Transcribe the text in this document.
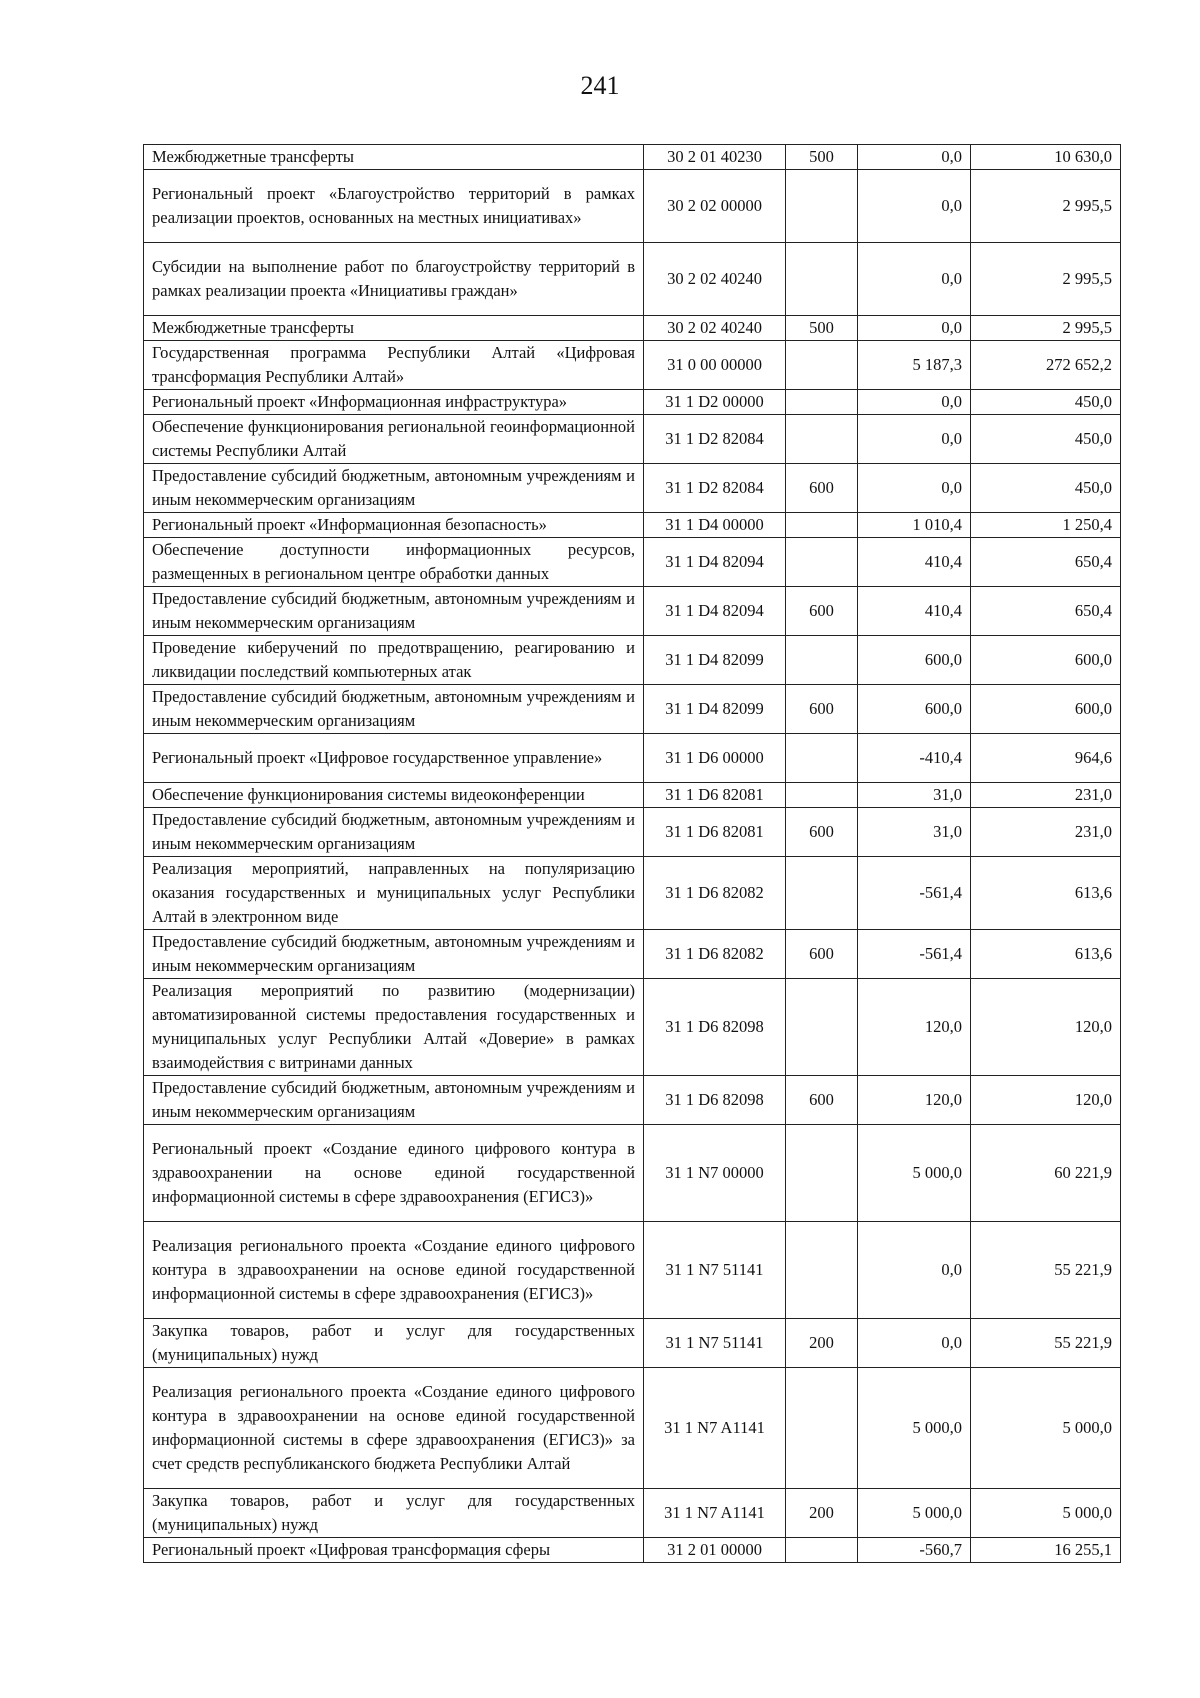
241
Межбюджетные трансферты	30 2 01 40230	500	0,0	10 630,0
Региональный проект «Благоустройство территорий в рамках реализации проектов, основанных на местных инициативах»	30 2 02 00000		0,0	2 995,5
Субсидии на выполнение работ по благоустройству территорий в рамках реализации проекта «Инициативы граждан»	30 2 02 40240		0,0	2 995,5
Межбюджетные трансферты	30 2 02 40240	500	0,0	2 995,5
Государственная программа Республики Алтай «Цифровая трансформация Республики Алтай»	31 0 00 00000		5 187,3	272 652,2
Региональный проект «Информационная инфраструктура»	31 1 D2 00000		0,0	450,0
Обеспечение функционирования региональной геоинформационной системы Республики Алтай	31 1 D2 82084		0,0	450,0
Предоставление субсидий бюджетным, автономным учреждениям и иным некоммерческим организациям	31 1 D2 82084	600	0,0	450,0
Региональный проект «Информационная безопасность»	31 1 D4 00000		1 010,4	1 250,4
Обеспечение доступности информационных ресурсов, размещенных в региональном центре обработки данных	31 1 D4 82094		410,4	650,4
Предоставление субсидий бюджетным, автономным учреждениям и иным некоммерческим организациям	31 1 D4 82094	600	410,4	650,4
Проведение киберучений по предотвращению, реагированию и ликвидации последствий компьютерных атак	31 1 D4 82099		600,0	600,0
Предоставление субсидий бюджетным, автономным учреждениям и иным некоммерческим организациям	31 1 D4 82099	600	600,0	600,0
Региональный проект «Цифровое государственное управление»	31 1 D6 00000		-410,4	964,6
Обеспечение функционирования системы видеоконференции	31 1 D6 82081		31,0	231,0
Предоставление субсидий бюджетным, автономным учреждениям и иным некоммерческим организациям	31 1 D6 82081	600	31,0	231,0
Реализация мероприятий, направленных на популяризацию оказания государственных и муниципальных услуг Республики Алтай в электронном виде	31 1 D6 82082		-561,4	613,6
Предоставление субсидий бюджетным, автономным учреждениям и иным некоммерческим организациям	31 1 D6 82082	600	-561,4	613,6
Реализация мероприятий по развитию (модернизации) автоматизированной системы предоставления государственных и муниципальных услуг Республики Алтай «Доверие» в рамках взаимодействия с витринами данных	31 1 D6 82098		120,0	120,0
Предоставление субсидий бюджетным, автономным учреждениям и иным некоммерческим организациям	31 1 D6 82098	600	120,0	120,0
Региональный проект «Создание единого цифрового контура в здравоохранении на основе единой государственной информационной системы в сфере здравоохранения (ЕГИСЗ)»	31 1 N7 00000		5 000,0	60 221,9
Реализация регионального проекта «Создание единого цифрового контура в здравоохранении на основе единой государственной информационной системы в сфере здравоохранения (ЕГИСЗ)»	31 1 N7 51141		0,0	55 221,9
Закупка товаров, работ и услуг для государственных (муниципальных) нужд	31 1 N7 51141	200	0,0	55 221,9
Реализация регионального проекта «Создание единого цифрового контура в здравоохранении на основе единой государственной информационной системы в сфере здравоохранения (ЕГИСЗ)» за счет средств республиканского бюджета Республики Алтай	31 1 N7 A1141		5 000,0	5 000,0
Закупка товаров, работ и услуг для государственных (муниципальных) нужд	31 1 N7 A1141	200	5 000,0	5 000,0
Региональный проект «Цифровая трансформация сферы	31 2 01 00000		-560,7	16 255,1
